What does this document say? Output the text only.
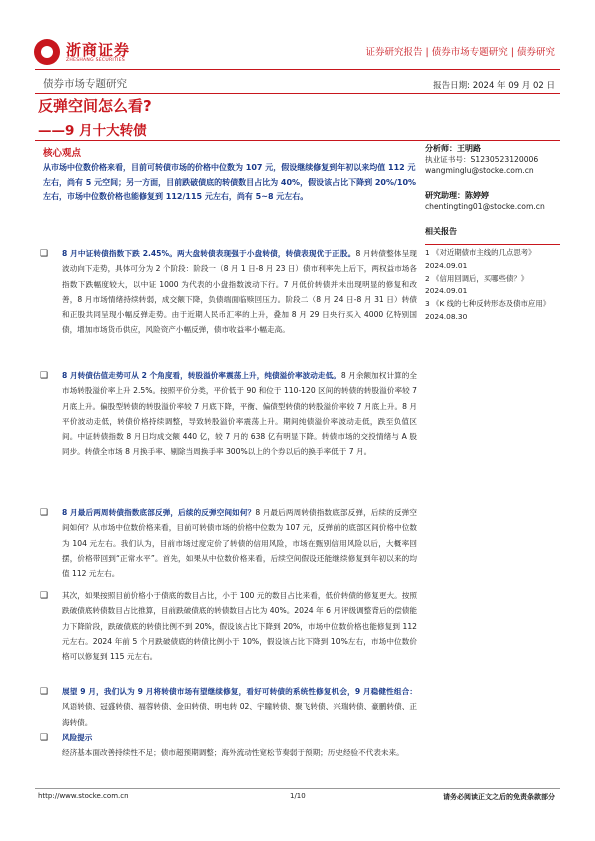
浙商证券
ZHESHANG SECURITIES
证券研究报告 | 债券市场专题研究 | 债券研究
债券市场专题研究	报告日期: 2024 年 09 月 02 日
反弹空间怎么看?
——9 月十大转债
核心观点

从市场中位数价格来看，目前可转债市场的价格中位数为 107 元，假设继续修复到年初以来均值 112 元左右，尚有 5 元空间；另一方面，目前跌破债底的转债数目占比为 40%，假设该占比下降到 20%/10%左右，市场中位数价格也能修复到 112/115 元左右，尚有 5~8 元左右。

❑ 8 月中证转债指数下跌 2.45%。两大盘转债表现强于小盘转债，转债表现优于正股。8 月转债整体呈现波动向下走势，具体可分为 2 个阶段：阶段一（8 月 1 日-8 月 23 日）债市利率先上后下，两权益市场各指数下跌幅度较大，以中证 1000 为代表的小盘指数波动下行。7 月低价转债并未出现明显的修复和改善，8 月市场情绪持续转弱，成交额下降，负债端面临赎回压力。阶段二（8 月 24 日-8 月 31 日）转债和正股共同呈现小幅反弹走势。由于近期人民币汇率的上升，叠加 8 月 29 日央行买入 4000 亿特别国债，增加市场货币供应，风险资产小幅反弹，债市收益率小幅走高。

❑ 8 月转债估值走势可从 2 个角度看，转股溢价率震荡上升，纯债溢价率波动走低。8 月余额加权计算的全市场转股溢价率上升 2.5%。按照平价分类，平价低于 90 和位于 110-120 区间的转债的转股溢价率较 7 月底上升。偏股型转债的转股溢价率较 7 月底下降，平衡、偏债型转债的转股溢价率较 7 月底上升。8 月平价波动走低，转债价格持续调整，导致转股溢价率震荡上升。期间纯债溢价率波动走低，跌至负值区间。中证转债指数 8 月日均成交额 440 亿，较 7 月的 638 亿有明显下降。转债市场的交投情绪与 A 股同步。转债全市场 8 月换手率、剔除当周换手率 300%以上的个券以后的换手率低于 7 月。

❑ 8 月最后两周转债指数底部反弹，后续的反弹空间如何？8 月最后两周转债指数底部反弹，后续的反弹空间如何？从市场中位数价格来看，目前可转债市场的价格中位数为 107 元，反弹前的底部区间价格中位数为 104 元左右。我们认为，目前市场过度定价了转债的信用风险，市场在甄别信用风险以后，大概率回摆，价格带回到“正常水平”。首先，如果从中位数价格来看，后续空间假设还能继续修复到年初以来的均值 112 元左右。

❑ 其次，如果按照目前价格小于债底的数目占比，小于 100 元的数目占比来看，低价转债的修复更大。按照跌破债底转债数目占比推算，目前跌破债底的转债数目占比为 40%。2024 年 6 月评级调整背后的偿债能力下降阶段，跌破债底的转债比例不到 20%，假设该占比下降到 20%，市场中位数价格也能修复到 112 元左右。2024 年前 5 个月跌破债底的转债比例小于 10%，假设该占比下降到 10%左右，市场中位数价格可以修复到 115 元左右。

❑ 展望 9 月，我们认为 9 月将转债市场有望继续修复，看好可转债的系统性修复机会，9 月稳健性组合：风语转债、冠盛转债、福蓉转债、金田转债、明电转 02、宇瞳转债、聚飞转债、兴瑞转债、豪鹏转债、正海转债。

❑ 风险提示
经济基本面改善持续性不足；债市超预期调整；海外流动性宽松节奏弱于预期；历史经验不代表未来。

分析师：王明路
执业证书号：S1230523120006
wangminglu@stocke.com.cn
研究助理：陈婷婷
chentingting01@stocke.com.cn
相关报告

1 《对近期债市主线的几点思考》 2024.09.01

2 《信用回调后，买哪些债？》 2024.09.01

3 《K 线的七种反转形态及债市应用》 2024.08.30

http://www.stocke.com.cn	1/10	请务必阅读正文之后的免责条款部分
